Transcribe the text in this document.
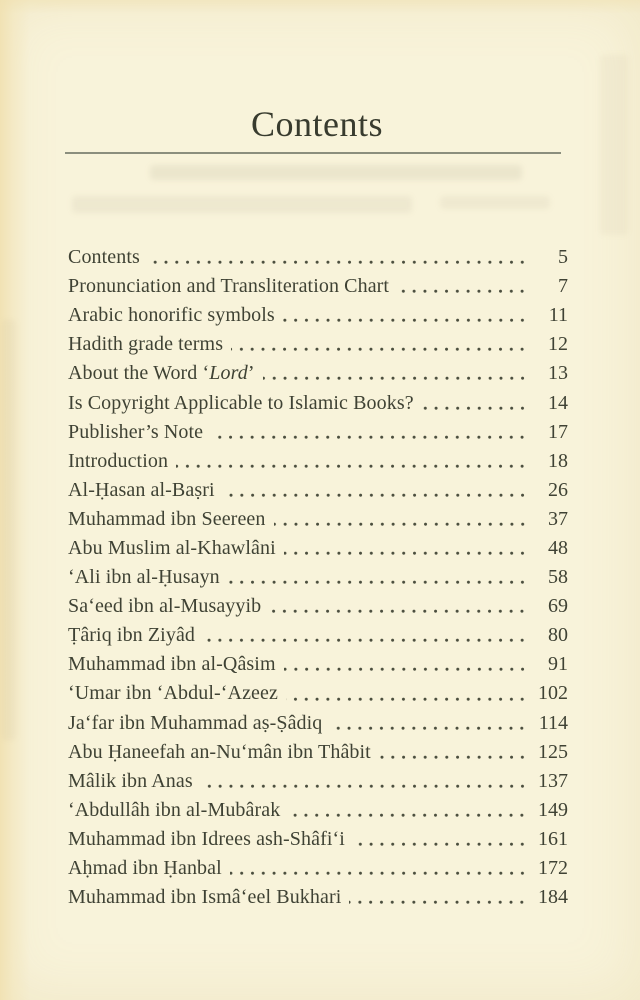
Contents
Contents	5
Pronunciation and Transliteration Chart	7
Arabic honorific symbols	11
Hadith grade terms	12
About the Word ‘Lord’	13
Is Copyright Applicable to Islamic Books?	14
Publisher’s Note	17
Introduction	18
Al-Ḥasan al-Baṣri	26
Muhammad ibn Seereen	37
Abu Muslim al-Khawlâni	48
‘Ali ibn al-Ḥusayn	58
Sa‘eed ibn al-Musayyib	69
Ṭâriq ibn Ziyâd	80
Muhammad ibn al-Qâsim	91
‘Umar ibn ‘Abdul-‘Azeez	102
Ja‘far ibn Muhammad aṣ-Ṣâdiq	114
Abu Ḥaneefah an-Nu‘mân ibn Thâbit	125
Mâlik ibn Anas	137
‘Abdullâh ibn al-Mubârak	149
Muhammad ibn Idrees ash-Shâfi‘i	161
Aḥmad ibn Ḥanbal	172
Muhammad ibn Ismâ‘eel Bukhari	184
